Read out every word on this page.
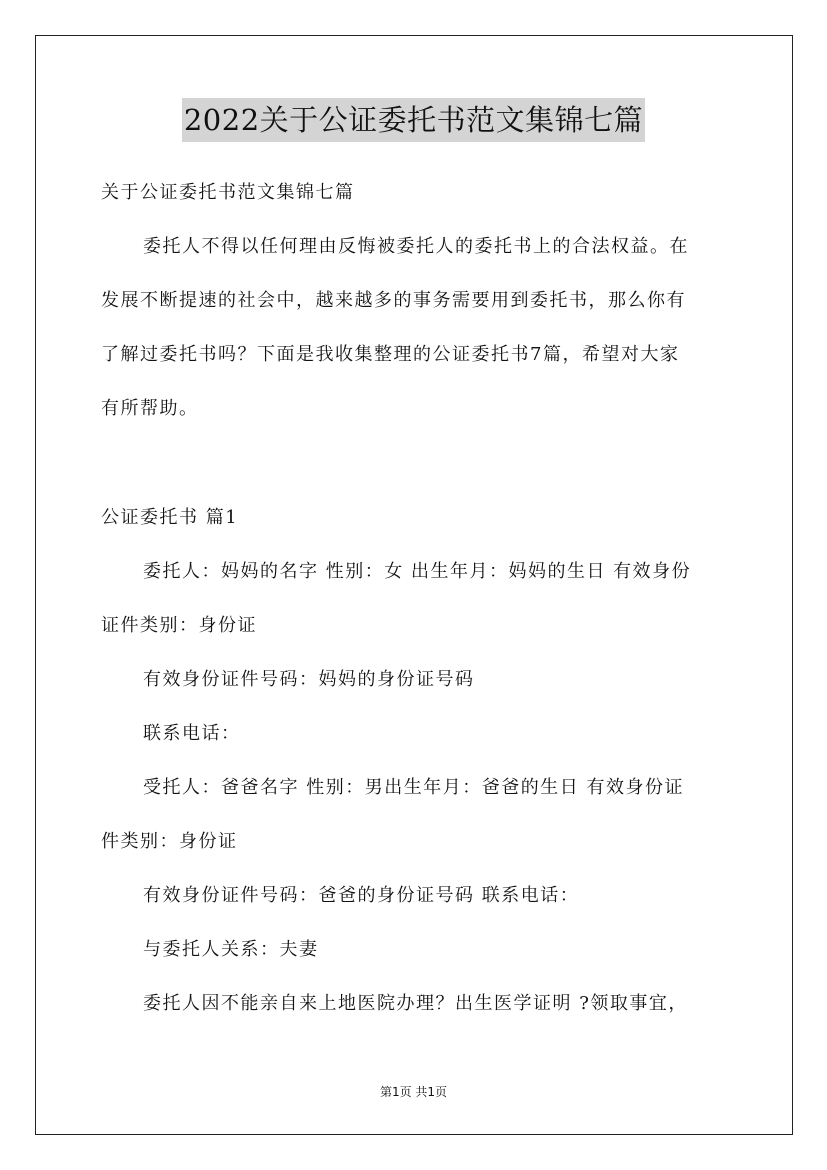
2022关于公证委托书范文集锦七篇

关于公证委托书范文集锦七篇

委托人不得以任何理由反悔被委托人的委托书上的合法权益。在

发展不断提速的社会中，越来越多的事务需要用到委托书，那么你有

了解过委托书吗？下面是我收集整理的公证委托书7篇，希望对大家

有所帮助。

公证委托书 篇1

委托人：妈妈的名字 性别：女 出生年月：妈妈的生日 有效身份

证件类别：身份证

有效身份证件号码：妈妈的身份证号码

联系电话：

受托人：爸爸名字 性别：男出生年月：爸爸的生日 有效身份证

件类别：身份证

有效身份证件号码：爸爸的身份证号码 联系电话：

与委托人关系：夫妻

委托人因不能亲自来上地医院办理？出生医学证明 ?领取事宜，

第1页 共1页
